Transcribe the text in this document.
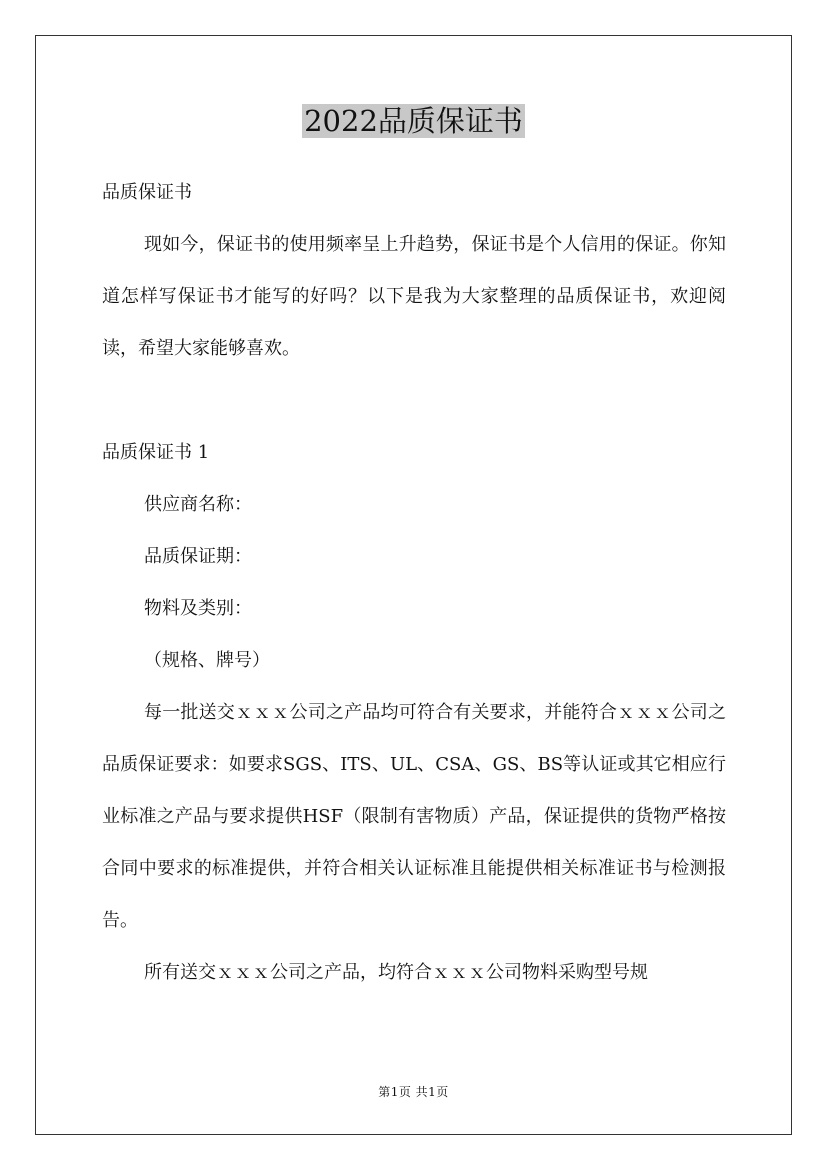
2022品质保证书

品质保证书

现如今，保证书的使用频率呈上升趋势，保证书是个人信用的保证。你知道怎样写保证书才能写的好吗？以下是我为大家整理的品质保证书，欢迎阅读，希望大家能够喜欢。

品质保证书 1

供应商名称：

品质保证期：

物料及类别：

（规格、牌号）

每一批送交ｘｘｘ公司之产品均可符合有关要求，并能符合ｘｘｘ公司之品质保证要求：如要求SGS、ITS、UL、CSA、GS、BS等认证或其它相应行业标准之产品与要求提供HSF（限制有害物质）产品，保证提供的货物严格按合同中要求的标准提供，并符合相关认证标准且能提供相关标准证书与检测报告。

所有送交ｘｘｘ公司之产品，均符合ｘｘｘ公司物料采购型号规

第1页 共1页
